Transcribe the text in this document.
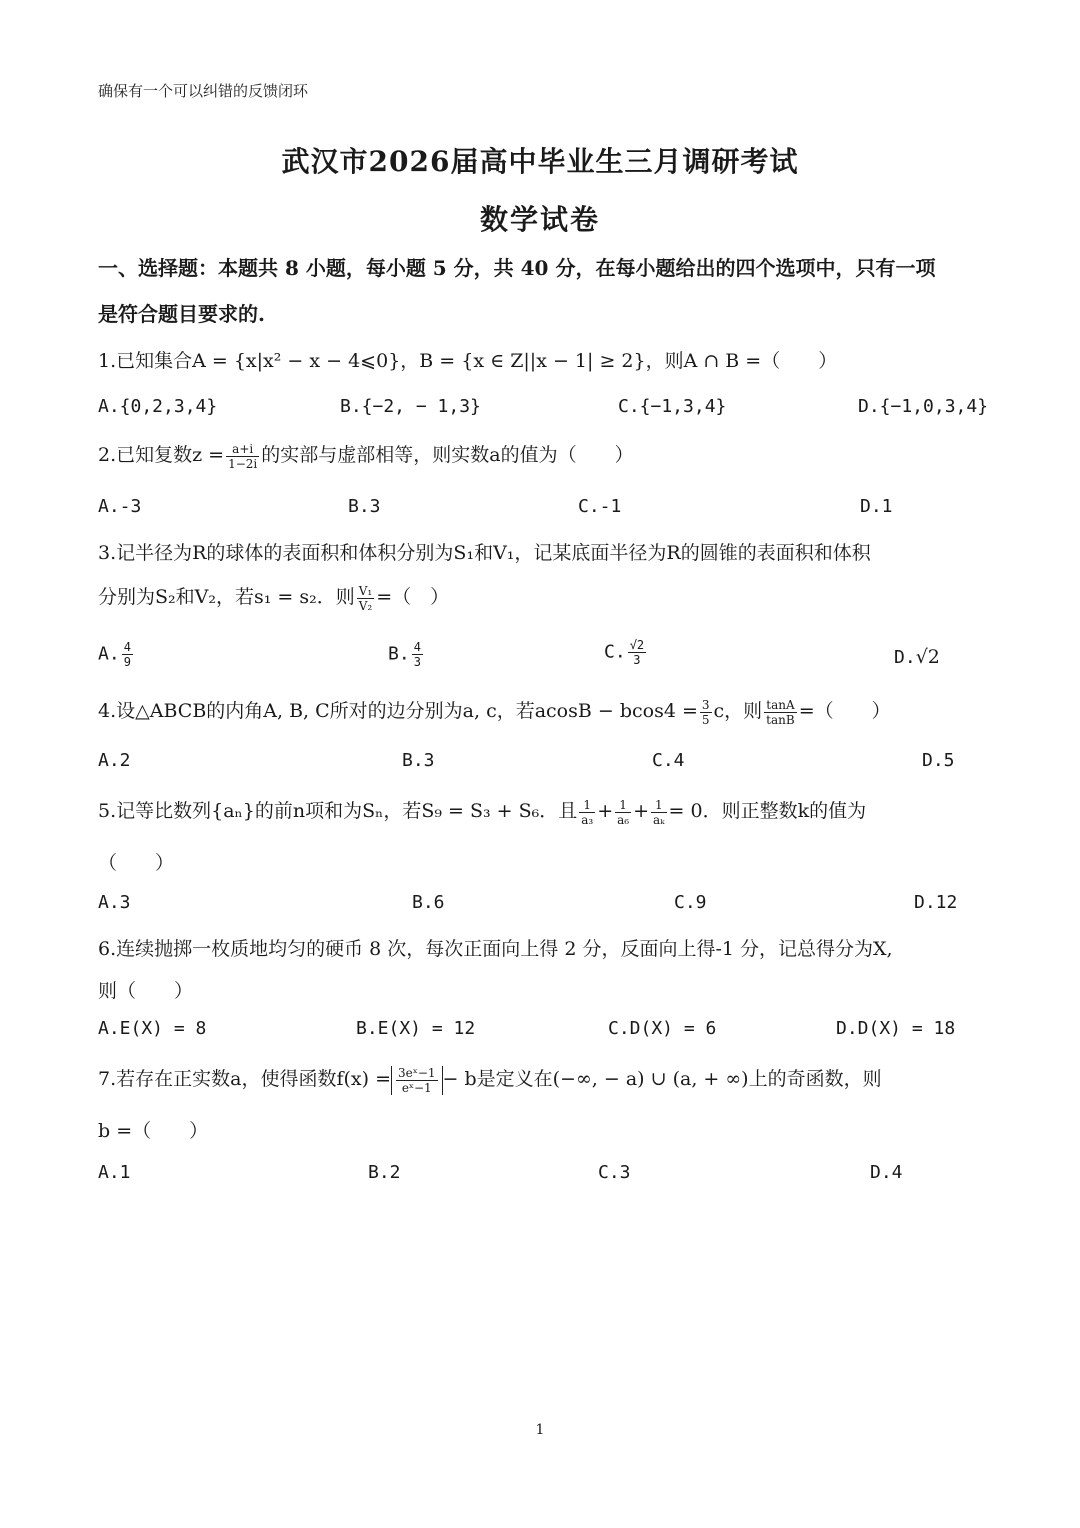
确保有一个可以纠错的反馈闭环
武汉市2026届高中毕业生三月调研考试
数学试卷
一、选择题：本题共 8 小题，每小题 5 分，共 40 分，在每小题给出的四个选项中，只有一项
是符合题目要求的.
1.已知集合A = {x|x² − x − 4⩽0}，B = {x ∈ Z||x − 1| ≥ 2}，则A ∩ B =（　　）
A.{0,2,3,4}	B.{−2, − 1,3}	C.{−1,3,4}	D.{−1,0,3,4}
2.已知复数$z = \frac{a+i}{1-2i}$ 的实部与虚部相等，则实数a的值为（　　）
A.-3	B.3	C.-1	D.1
3.记半径为R的球体的表面积和体积分别为S₁和V₁，记某底面半径为R的圆锥的表面积和体积
分别为S₂和V₂，若s₁ = s₂．则 $\frac{\text{V₁}}{\text{V₂}}$ =（　）
A. $\frac{4}{9}$	B. $\frac{4}{3}$	C. $\frac{√2}{3}$	D.√2
4.设△ABCB的内角A, B, C所对的边分别为a, c，若$acosB - bcos4 = \frac{3}{5}$ c，则 $\frac{\tan A}{\tan B}$ =（　　）
A.2	B.3	C.4	D.5
5.记等比数列{aₙ}的前n项和为Sₙ，若S₉ = S₃ + S₆．且 $\frac{1}{\text{a₃}} + \frac{1}{\text{a₆}} + \frac{1}{\text{aₖ}} = 0$．则正整数k的值为
（　　）
A.3	B.6	C.9	D.12
6.连续抛掷一枚质地均匀的硬币 8 次，每次正面向上得 2 分，反面向上得-1 分，记总得分为X,
则（　　）
A.E(X) = 8	B.E(X) = 12	C.D(X) = 6	D.D(X) = 18
7.若存在正实数a，使得函数$f(x) = \frac{\text{3eˣ−1}}{\text{eˣ−1}} - b$是定义在(−∞, − a) ∪ (a, + ∞)上的奇函数，则
b =（　　）
A.1	B.2	C.3	D.4
1
